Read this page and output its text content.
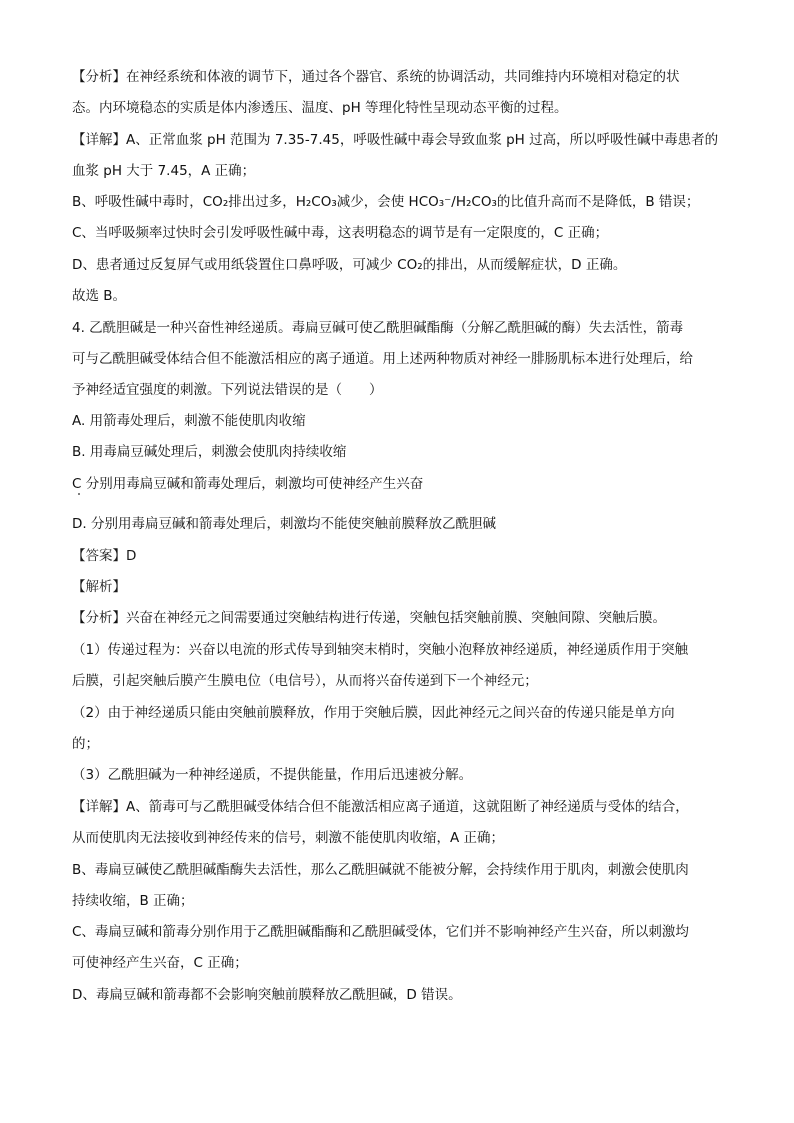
【分析】在神经系统和体液的调节下，通过各个器官、系统的协调活动，共同维持内环境相对稳定的状
态。内环境稳态的实质是体内渗透压、温度、pH 等理化特性呈现动态平衡的过程。
【详解】A、正常血浆 pH 范围为 7.35-7.45，呼吸性碱中毒会导致血浆 pH 过高，所以呼吸性碱中毒患者的
血浆 pH 大于 7.45，A 正确；
B、呼吸性碱中毒时，CO₂排出过多，H₂CO₃减少，会使 HCO₃⁻/H₂CO₃的比值升高而不是降低，B 错误；
C、当呼吸频率过快时会引发呼吸性碱中毒，这表明稳态的调节是有一定限度的，C 正确；
D、患者通过反复屏气或用纸袋置住口鼻呼吸，可减少 CO₂的排出，从而缓解症状，D 正确。
故选 B。
4. 乙酰胆碱是一种兴奋性神经递质。毒扁豆碱可使乙酰胆碱酯酶（分解乙酰胆碱的酶）失去活性，箭毒
可与乙酰胆碱受体结合但不能激活相应的离子通道。用上述两种物质对神经一腓肠肌标本进行处理后，给
予神经适宜强度的刺激。下列说法错误的是（　　）
A. 用箭毒处理后，刺激不能使肌肉收缩
B. 用毒扁豆碱处理后，刺激会使肌肉持续收缩
C 分别用毒扁豆碱和箭毒处理后，刺激均可使神经产生兴奋
D. 分别用毒扁豆碱和箭毒处理后，刺激均不能使突触前膜释放乙酰胆碱
【答案】D
【解析】
【分析】兴奋在神经元之间需要通过突触结构进行传递，突触包括突触前膜、突触间隙、突触后膜。
（1）传递过程为：兴奋以电流的形式传导到轴突末梢时，突触小泡释放神经递质，神经递质作用于突触
后膜，引起突触后膜产生膜电位（电信号），从而将兴奋传递到下一个神经元；
（2）由于神经递质只能由突触前膜释放，作用于突触后膜，因此神经元之间兴奋的传递只能是单方向
的；
（3）乙酰胆碱为一种神经递质，不提供能量，作用后迅速被分解。
【详解】A、箭毒可与乙酰胆碱受体结合但不能激活相应离子通道，这就阻断了神经递质与受体的结合，
从而使肌肉无法接收到神经传来的信号，刺激不能使肌肉收缩，A 正确；
B、毒扁豆碱使乙酰胆碱酯酶失去活性，那么乙酰胆碱就不能被分解，会持续作用于肌肉，刺激会使肌肉
持续收缩，B 正确；
C、毒扁豆碱和箭毒分别作用于乙酰胆碱酯酶和乙酰胆碱受体，它们并不影响神经产生兴奋，所以刺激均
可使神经产生兴奋，C 正确；
D、毒扁豆碱和箭毒都不会影响突触前膜释放乙酰胆碱，D 错误。
